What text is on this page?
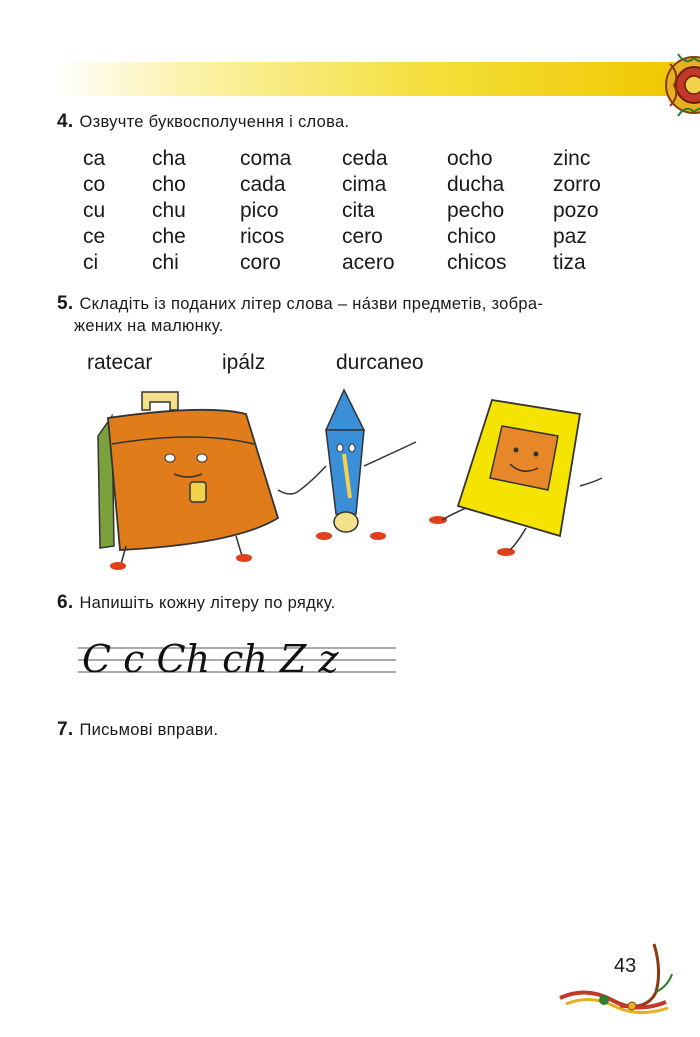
4. Озвучте буквосполучення і слова.
ca
co
cu
ce
ci
cha
cho
chu
che
chi
coma
cada
pico
ricos
coro
ceda
cima
cita
cero
acero
ocho
ducha
pecho
chico
chicos
zinc
zorro
pozo
paz
tiza
5. Складіть із поданих літер слова – на́зви предметів, зобра-
жених на малюнку.
ratecar	ipálz	durcaneo
6. Напишіть кожну літеру по рядку.
C c Ch ch Z z
7. Письмові вправи.
43
